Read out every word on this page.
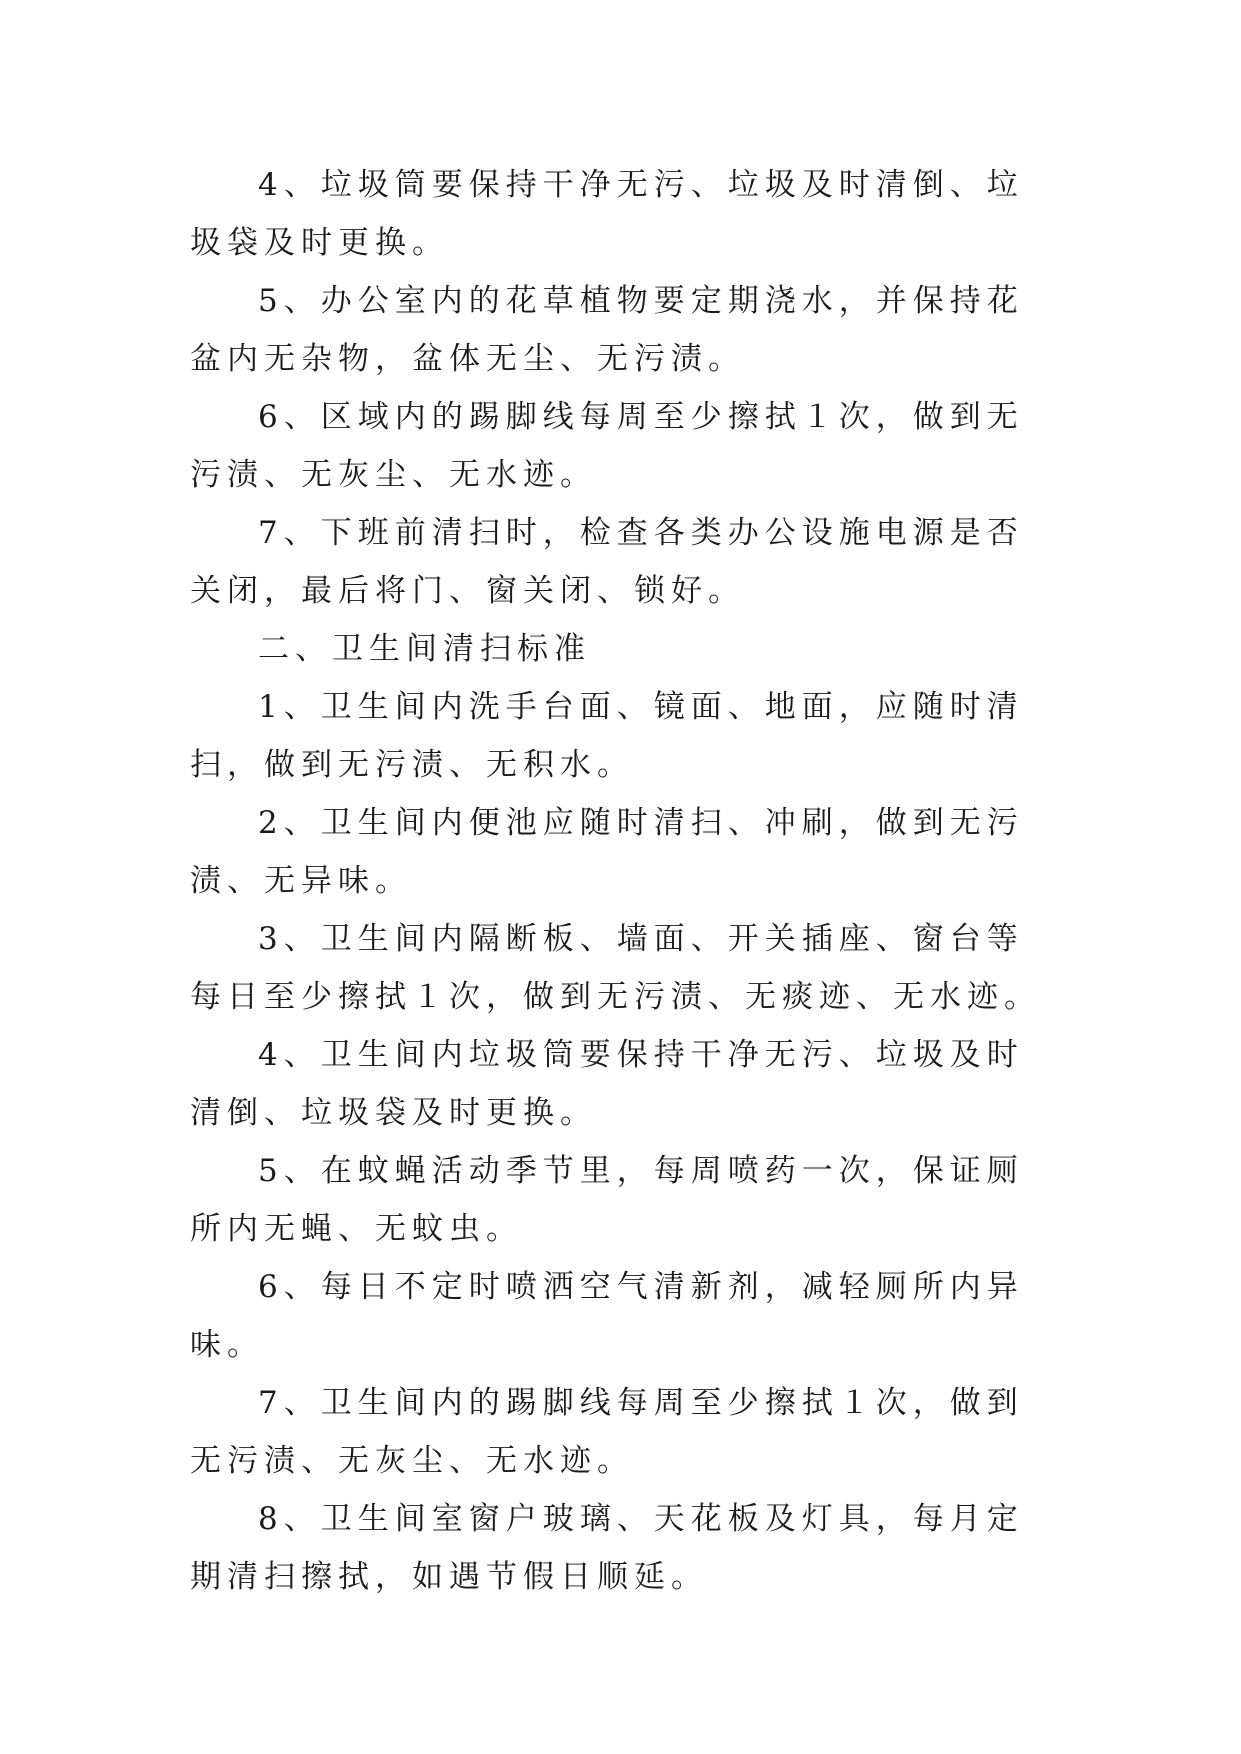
4、垃圾筒要保持干净无污、垃圾及时清倒、垃圾袋及时更换。

5、办公室内的花草植物要定期浇水，并保持花盆内无杂物，盆体无尘、无污渍。

6、区域内的踢脚线每周至少擦拭１次，做到无污渍、无灰尘、无水迹。

7、下班前清扫时，检查各类办公设施电源是否关闭，最后将门、窗关闭、锁好。

二、卫生间清扫标准

1、卫生间内洗手台面、镜面、地面，应随时清扫，做到无污渍、无积水。

2、卫生间内便池应随时清扫、冲刷，做到无污渍、无异味。

3、卫生间内隔断板、墙面、开关插座、窗台等每日至少擦拭１次，做到无污渍、无痰迹、无水迹。

4、卫生间内垃圾筒要保持干净无污、垃圾及时清倒、垃圾袋及时更换。

5、在蚊蝇活动季节里，每周喷药一次，保证厕所内无蝇、无蚊虫。

6、每日不定时喷洒空气清新剂，减轻厕所内异味。

7、卫生间内的踢脚线每周至少擦拭１次，做到无污渍、无灰尘、无水迹。

8、卫生间室窗户玻璃、天花板及灯具，每月定期清扫擦拭，如遇节假日顺延。
